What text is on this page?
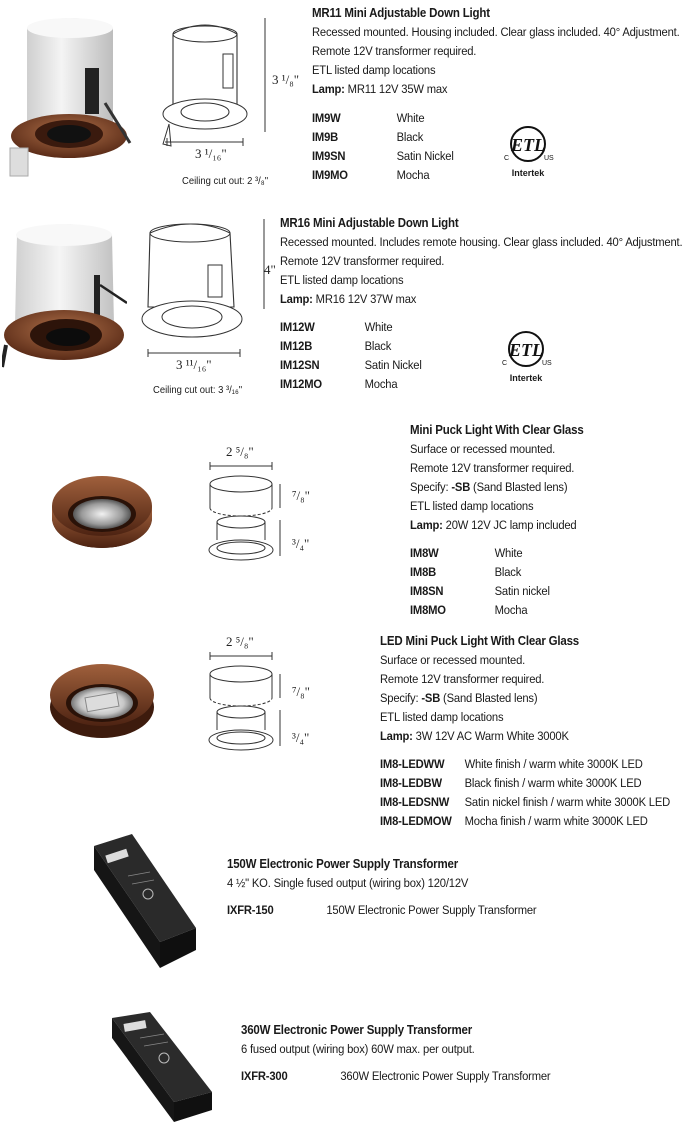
3 ¹/₈"
3 ¹/₁₆"
Ceiling cut out: 2 ³/₈"
MR11 Mini Adjustable Down Light
Recessed mounted. Housing included. Clear glass included. 40° Adjustment.
Remote 12V transformer required.
ETL listed damp locations
Lamp: MR11 12V 35W max
IM9W	White
IM9B	Black
IM9SN	Satin Nickel
IM9MO	Mocha
ETL
C	US
Intertek
4"
3 ¹¹/₁₆"
Ceiling cut out: 3 ³/₁₆"
MR16 Mini Adjustable Down Light
Recessed mounted. Includes remote housing. Clear glass included. 40° Adjustment.
Remote 12V transformer required.
ETL listed damp locations
Lamp: MR16 12V 37W max
IM12W	White
IM12B	Black
IM12SN	Satin Nickel
IM12MO	Mocha
ETL
C	US
Intertek
2 ⁵/₈"
⁷/₈"
³/₄"
Mini Puck Light With Clear Glass
Surface or recessed mounted.
Remote 12V transformer required.
Specify: -SB (Sand Blasted lens)
ETL listed damp locations
Lamp: 20W 12V JC lamp included
IM8W	White
IM8B	Black
IM8SN	Satin nickel
IM8MO	Mocha
2 ⁵/₈"
⁷/₈"
³/₄"
LED Mini Puck Light With Clear Glass
Surface or recessed mounted.
Remote 12V transformer required.
Specify: -SB (Sand Blasted lens)
ETL listed damp locations
Lamp: 3W 12V AC Warm White 3000K
IM8-LEDWW	White finish / warm white 3000K LED
IM8-LEDBW	Black finish / warm white 3000K LED
IM8-LEDSNW	Satin nickel finish / warm white 3000K LED
IM8-LEDMOW	Mocha finish / warm white 3000K LED
150W Electronic Power Supply Transformer
4 ½" KO. Single fused output (wiring box) 120/12V
IXFR-150	150W Electronic Power Supply Transformer
360W Electronic Power Supply Transformer
6 fused output (wiring box) 60W max. per output.
IXFR-300	360W Electronic Power Supply Transformer
